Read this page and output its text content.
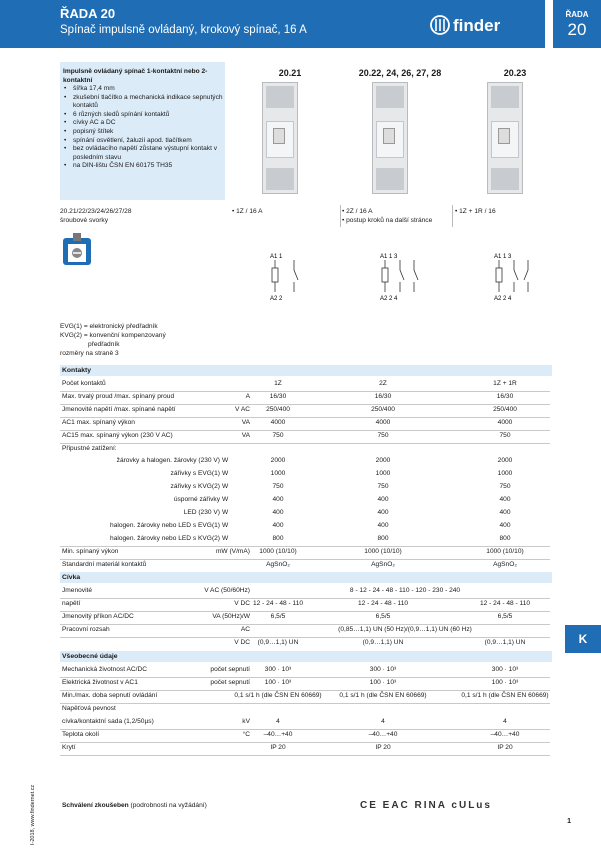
ŘADA 20
Spínač impulsně ovládaný, krokový spínač, 16 A	finder
ŘADA
20
K
Impulsně ovládaný spínač 1-kontaktní nebo 2-kontaktní
• šířka 17,4 mm
• zkušební tlačítko a mechanická indikace sepnutých kontaktů
• 6 různých sledů spínání kontaktů
• cívky AC a DC
• popisný štítek
• spínání osvětlení, žaluzií apod. tlačítkem
• bez ovládacího napětí zůstane výstupní kontakt v posledním stavu
• na DIN-lištu ČSN EN 60175 TH35
20.21	20.22, 24, 26, 27, 28	20.23
20.21/22/23/24/26/27/28
šroubové svorky
• 1Z / 16 A	• 2Z / 16 A
• postup kroků na další stránce
• 1Z + 1R / 16
A1 1
A2 2
A1 1 3
A2 2 4
A1 1 3
A2 2 4
EVG(1) = elektronický předřadník
KVG(2) = konvenční kompenzovaný
předřadník
rozměry na straně 3
Kontakty
Počet kontaktů	1Z	2Z	1Z + 1R
Max. trvalý proud /max. spínaný proud	A	16/30	16/30	16/30
Jmenovité napětí /max. spínané napětí	V AC	250/400	250/400	250/400
AC1 max. spínaný výkon	VA	4000	4000	4000
AC15 max. spínaný výkon (230 V AC)	VA	750	750	750
Připustné zatížení:
žárovky a halogen. žárovky (230 V) W	2000	2000	2000
zářivky s EVG(1) W	1000	1000	1000
zářivky s KVG(2) W	750	750	750
úsporné zářivky W	400	400	400
LED (230 V) W	400	400	400
halogen. žárovky nebo LED s EVG(1) W	400	400	400
halogen. žárovky nebo LED s KVG(2) W	800	800	800
Min. spínaný výkon	mW (V/mA)	1000 (10/10)	1000 (10/10)	1000 (10/10)
Standardní materiál kontaktů	AgSnO₂	AgSnO₂	AgSnO₂
Cívka
Jmenovité	V AC (50/60Hz)	8 - 12 - 24 - 48 - 110 - 120 - 230 - 240
napětí	V DC 12 - 24 - 48 - 110	12 - 24 - 48 - 110	12 - 24 - 48 - 110
Jmenovitý příkon AC/DC	VA (50Hz)/W	6,5/5	6,5/5	6,5/5
Pracovní rozsah	AC	(0,85…1,1) UN (50 Hz)/(0,9…1,1) UN (60 Hz)
V DC	(0,9…1,1) UN	(0,9…1,1) UN	(0,9…1,1) UN
Všeobecné údaje
Mechanická životnost AC/DC	počet sepnutí	300 · 10³	300 · 10³	300 · 10³
Elektrická životnost v AC1	počet sepnutí	100 · 10³	100 · 10³	100 · 10³
Min./max. doba sepnutí ovládání	0,1 s/1 h (dle ČSN EN 60669)	0,1 s/1 h (dle ČSN EN 60669)	0,1 s/1 h (dle ČSN EN 60669)
Napěťová pevnost
cívka/kontaktní sada (1,2/50µs)	kV	4	4	4
Teplota okolí	°C	–40…+40	–40…+40	–40…+40
Krytí	IP 20	IP 20	IP 20
Schválení zkoušeben (podrobnosti na vyžádání)	CE EAC RINA cULus
1
I-2018, www.findernet.cz
